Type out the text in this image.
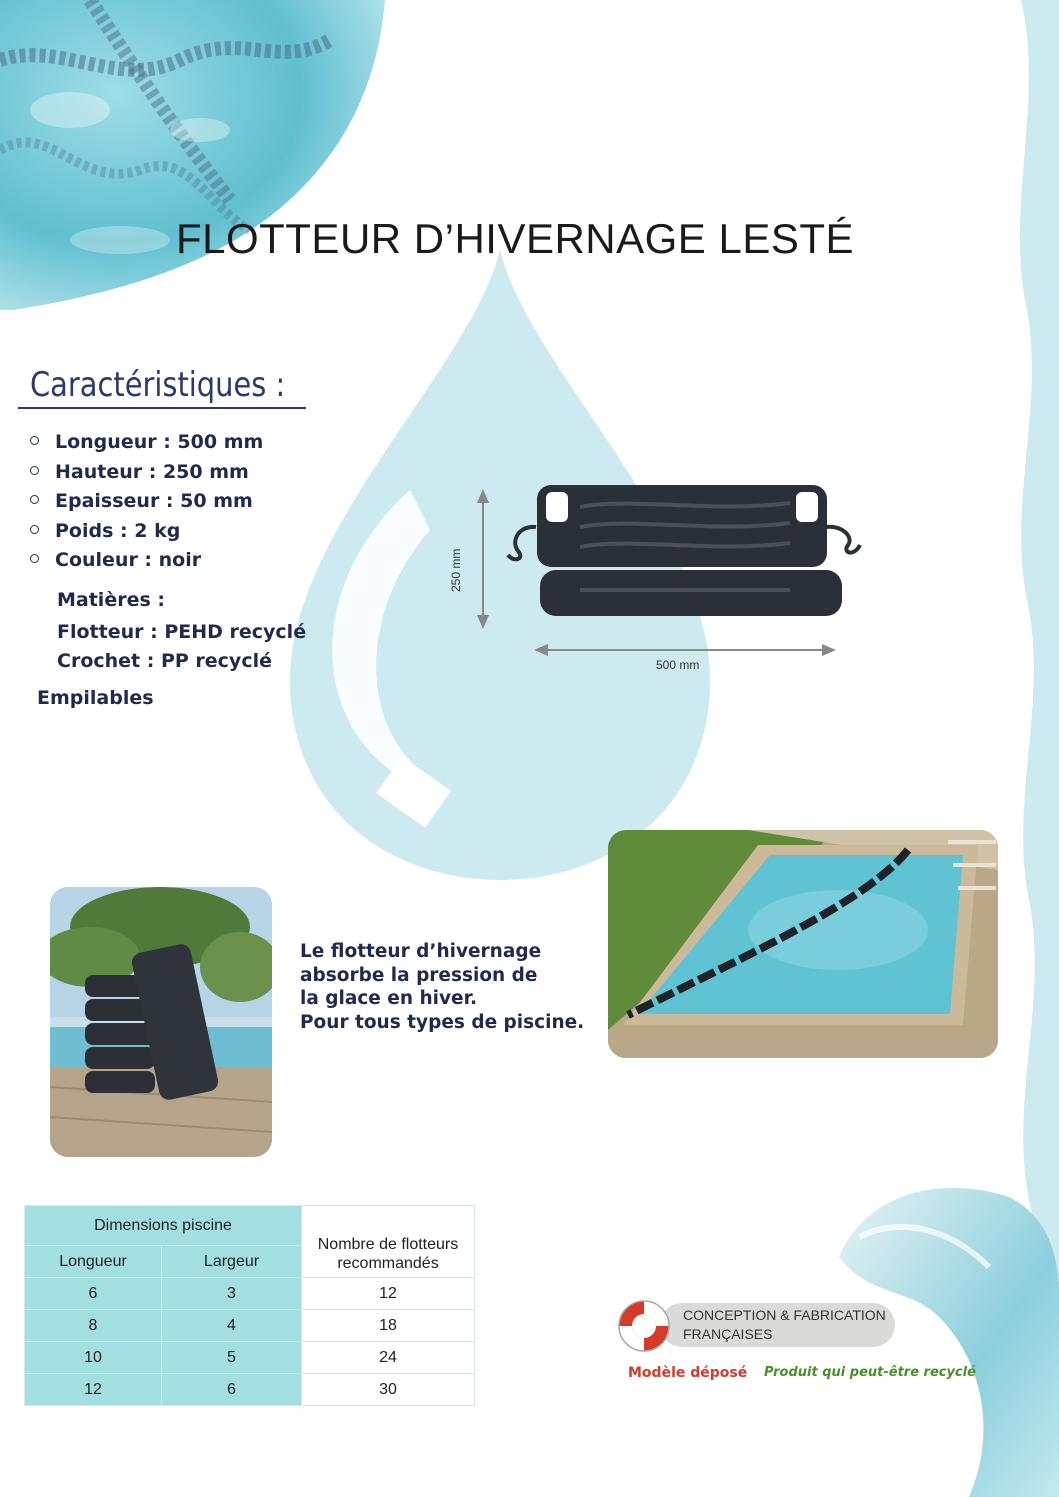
FLOTTEUR D’HIVERNAGE LESTÉ
Caractéristiques :
Longueur : 500 mm
Hauteur : 250 mm
Epaisseur : 50 mm
Poids : 2 kg
Couleur : noir
Matières :
Flotteur : PEHD recyclé
Crochet : PP recyclé
Empilables
250 mm
500 mm
Le flotteur d’hivernage
absorbe la pression de
la glace en hiver.
Pour tous types de piscine.
Dimensions piscine		Nombre de flotteurs recommandés
Longueur	Largeur	
6	3	12
8	4	18
10	5	24
12	6	30
CONCEPTION & FABRICATION
FRANÇAISES
Modèle déposé Produit qui peut-être recyclé
